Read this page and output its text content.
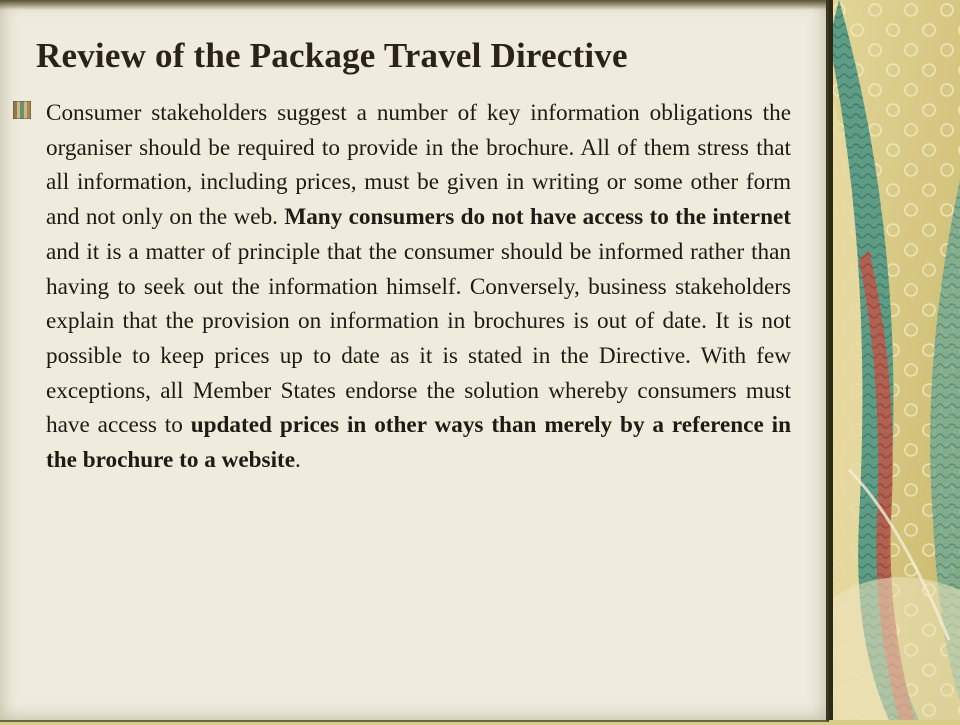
Review of the Package Travel Directive

Consumer stakeholders suggest a number of key information obligations the organiser should be required to provide in the brochure. All of them stress that all information, including prices, must be given in writing or some other form and not only on the web. Many consumers do not have access to the internet and it is a matter of principle that the consumer should be informed rather than having to seek out the information himself. Conversely, business stakeholders explain that the provision on information in brochures is out of date. It is not possible to keep prices up to date as it is stated in the Directive. With few exceptions, all Member States endorse the solution whereby consumers must have access to updated prices in other ways than merely by a reference in the brochure to a website.
